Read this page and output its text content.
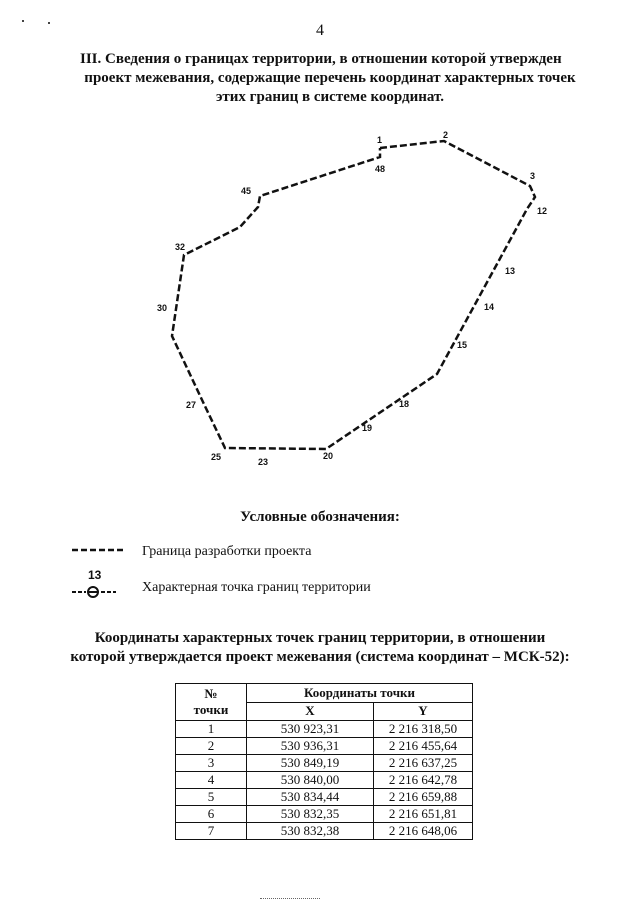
4
III. Сведения о границах территории, в отношении которой утвержден
проект межевания, содержащие перечень координат характерных точек
этих границ в системе координат.
1	2
48
3
45
12
32
13
30	14
15
27	18
19
25	23
20
Условные обозначения:
Граница разработки проекта
13
Характерная точка границ территории
Координаты характерных точек границ территории, в отношении
которой утверждается проект межевания (система координат – МСК-52):
№
точки	Координаты точки	
	X	Y
1	530 923,31	2 216 318,50
2	530 936,31	2 216 455,64
3	530 849,19	2 216 637,25
4	530 840,00	2 216 642,78
5	530 834,44	2 216 659,88
6	530 832,35	2 216 651,81
7	530 832,38	2 216 648,06
